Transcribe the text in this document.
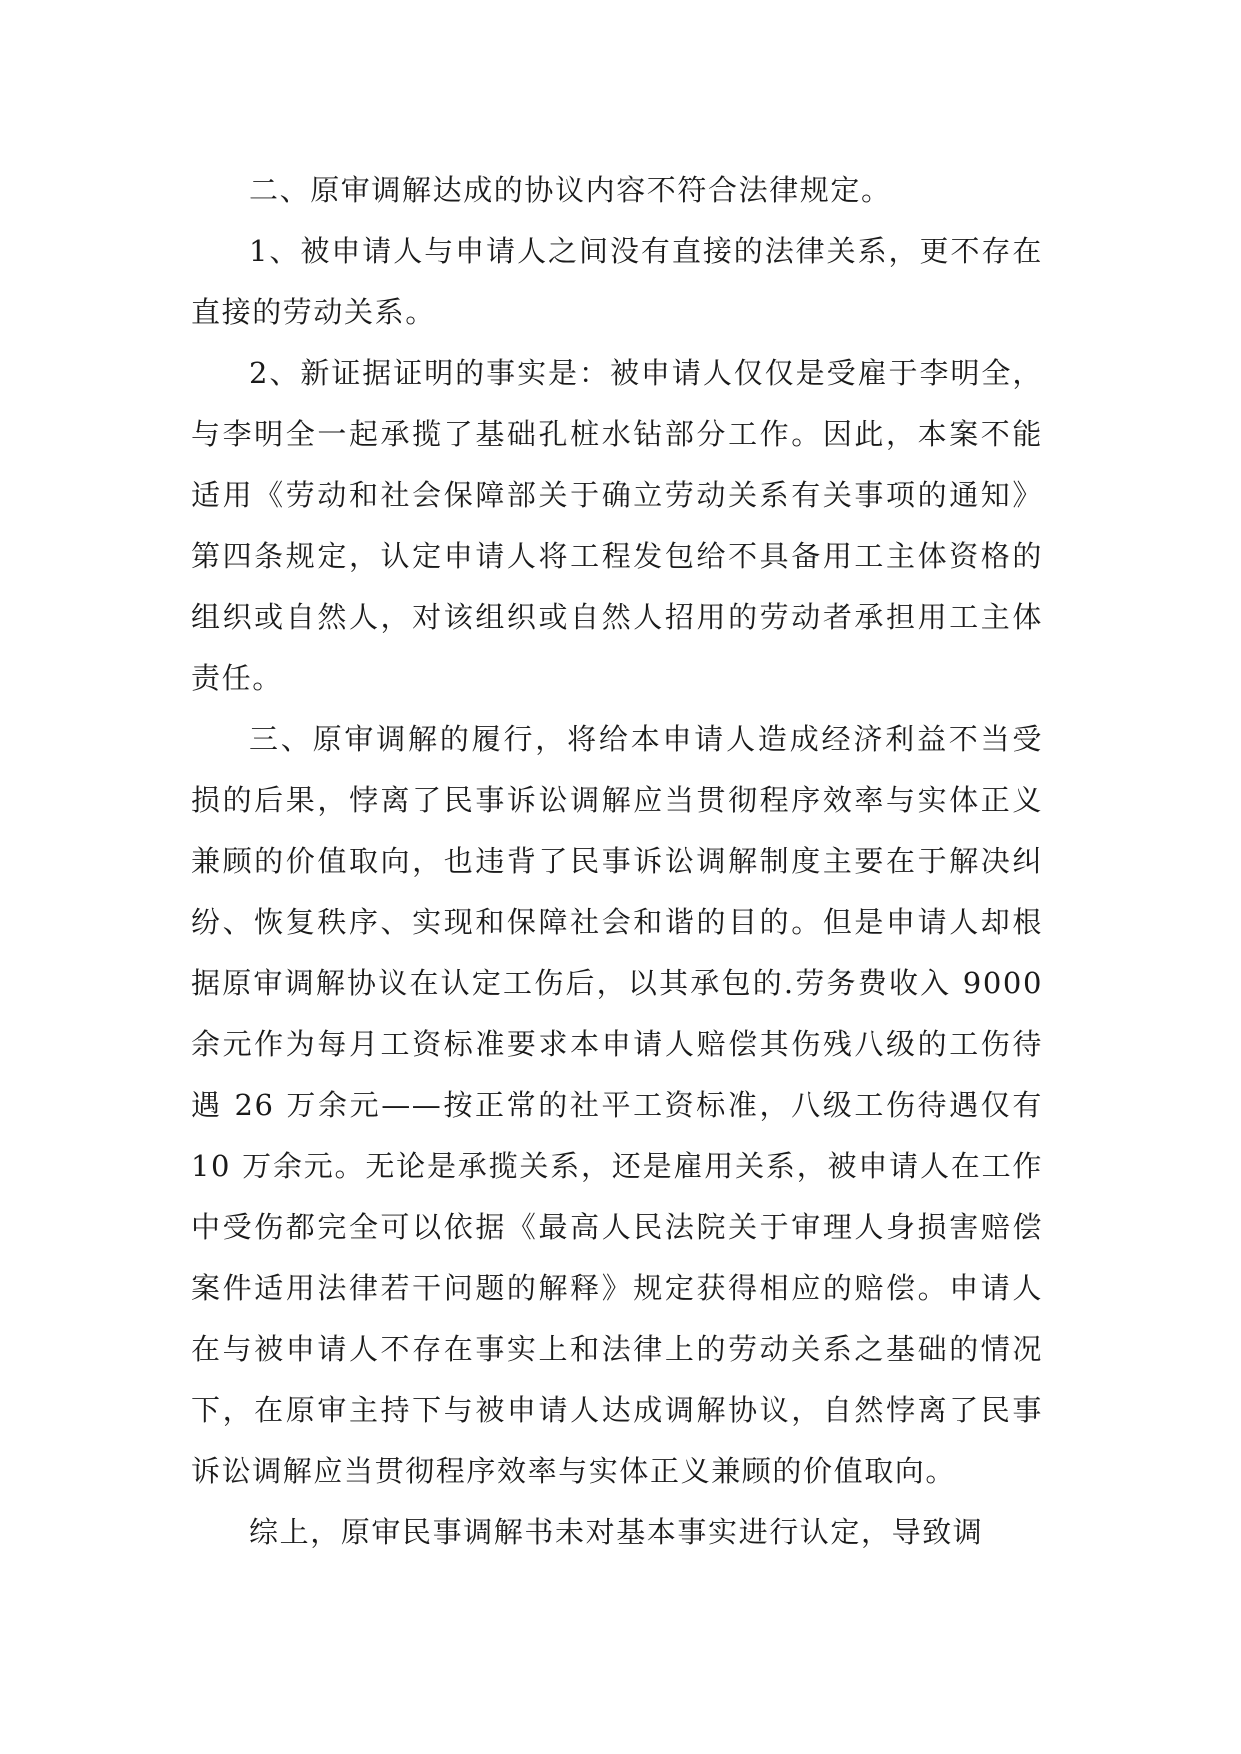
二、原审调解达成的协议内容不符合法律规定。

1、被申请人与申请人之间没有直接的法律关系，更不存在直接的劳动关系。

2、新证据证明的事实是：被申请人仅仅是受雇于李明全，与李明全一起承揽了基础孔桩水钻部分工作。因此，本案不能适用《劳动和社会保障部关于确立劳动关系有关事项的通知》第四条规定，认定申请人将工程发包给不具备用工主体资格的组织或自然人，对该组织或自然人招用的劳动者承担用工主体责任。

三、原审调解的履行，将给本申请人造成经济利益不当受损的后果，悖离了民事诉讼调解应当贯彻程序效率与实体正义兼顾的价值取向，也违背了民事诉讼调解制度主要在于解决纠纷、恢复秩序、实现和保障社会和谐的目的。但是申请人却根据原审调解协议在认定工伤后，以其承包的.劳务费收入 9000 余元作为每月工资标准要求本申请人赔偿其伤残八级的工伤待遇 26 万余元——按正常的社平工资标准，八级工伤待遇仅有 10 万余元。无论是承揽关系，还是雇用关系，被申请人在工作中受伤都完全可以依据《最高人民法院关于审理人身损害赔偿案件适用法律若干问题的解释》规定获得相应的赔偿。申请人在与被申请人不存在事实上和法律上的劳动关系之基础的情况下，在原审主持下与被申请人达成调解协议，自然悖离了民事诉讼调解应当贯彻程序效率与实体正义兼顾的价值取向。

综上，原审民事调解书未对基本事实进行认定，导致调
